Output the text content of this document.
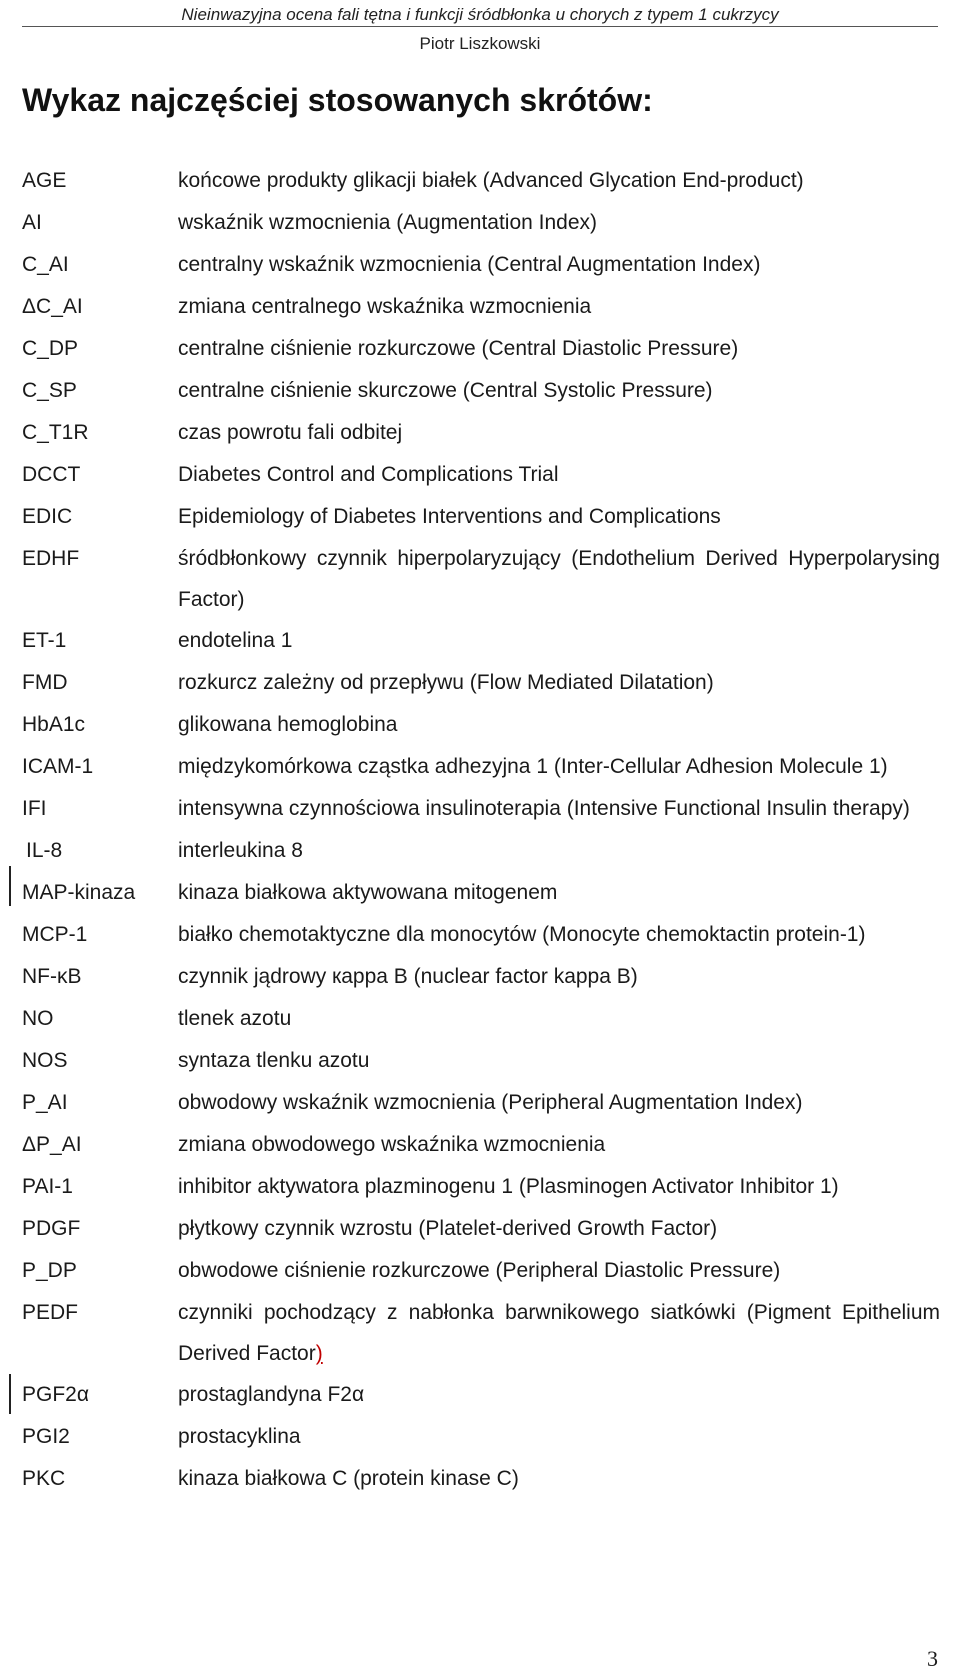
Nieinwazyjna ocena fali tętna i funkcji śródbłonka u chorych z typem 1 cukrzycy
Piotr Liszkowski
Wykaz najczęściej stosowanych skrótów:
AGE	końcowe produkty glikacji białek (Advanced Glycation End-product)
AI	wskaźnik wzmocnienia (Augmentation Index)
C_AI	centralny wskaźnik wzmocnienia (Central Augmentation Index)
ΔC_AI	zmiana centralnego wskaźnika wzmocnienia
C_DP	centralne ciśnienie rozkurczowe (Central Diastolic Pressure)
C_SP	centralne ciśnienie skurczowe (Central Systolic Pressure)
C_T1R	czas powrotu fali odbitej
DCCT	Diabetes Control and Complications Trial
EDIC	Epidemiology of Diabetes Interventions and Complications
EDHF	śródbłonkowy czynnik hiperpolaryzujący (Endothelium Derived Hyperpolarysing Factor)
ET-1	endotelina 1
FMD	rozkurcz zależny od przepływu (Flow Mediated Dilatation)
HbA1c	glikowana hemoglobina
ICAM-1	międzykomórkowa cząstka adhezyjna 1 (Inter-Cellular Adhesion Molecule 1)
IFI	intensywna czynnościowa insulinoterapia (Intensive Functional Insulin therapy)
IL-8	interleukina 8
MAP-kinaza	kinaza białkowa aktywowana mitogenem
MCP-1	białko chemotaktyczne dla monocytów (Monocyte chemoktactin protein-1)
NF-κB	czynnik jądrowy кappa B (nuclear factor kappa B)
NO	tlenek azotu
NOS	syntaza tlenku azotu
P_AI	obwodowy wskaźnik wzmocnienia (Peripheral Augmentation Index)
ΔP_AI	zmiana obwodowego wskaźnika wzmocnienia
PAI-1	inhibitor aktywatora plazminogenu 1 (Plasminogen Activator Inhibitor 1)
PDGF	płytkowy czynnik wzrostu (Platelet-derived Growth Factor)
P_DP	obwodowe ciśnienie rozkurczowe (Peripheral Diastolic Pressure)
PEDF	czynniki pochodzący z nabłonka barwnikowego siatkówki (Pigment Epithelium Derived Factor)
PGF2α	prostaglandyna F2α
PGI2	prostacyklina
PKC	kinaza białkowa C (protein kinase C)
3
